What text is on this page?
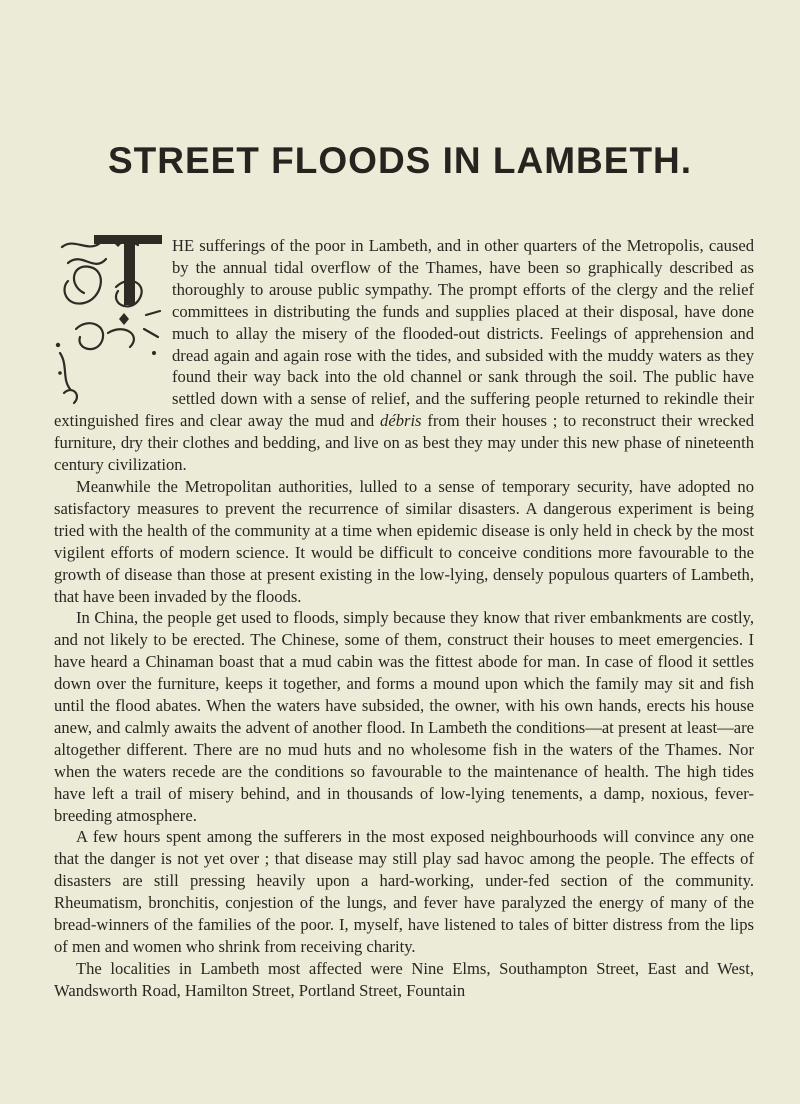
STREET FLOODS IN LAMBETH.
T

HE sufferings of the poor in Lambeth, and in other quarters of the Metropolis, caused by the annual tidal overflow of the Thames, have been so graphically described as thoroughly to arouse public sympathy. The prompt efforts of the clergy and the relief committees in distributing the funds and supplies placed at their disposal, have done much to allay the misery of the flooded-out districts. Feelings of apprehension and dread again and again rose with the tides, and subsided with the muddy waters as they found their way back into the old channel or sank through the soil. The public have settled down with a sense of relief, and the suffering people returned to rekindle their extinguished fires and clear away the mud and débris from their houses ; to reconstruct their wrecked furniture, dry their clothes and bedding, and live on as best they may under this new phase of nineteenth century civilization.

Meanwhile the Metropolitan authorities, lulled to a sense of temporary security, have adopted no satisfactory measures to prevent the recurrence of similar disasters. A dangerous experiment is being tried with the health of the community at a time when epidemic disease is only held in check by the most vigilent efforts of modern science. It would be difficult to conceive conditions more favourable to the growth of disease than those at present existing in the low-lying, densely populous quarters of Lambeth, that have been invaded by the floods.

In China, the people get used to floods, simply because they know that river embankments are costly, and not likely to be erected. The Chinese, some of them, construct their houses to meet emergencies. I have heard a Chinaman boast that a mud cabin was the fittest abode for man. In case of flood it settles down over the furniture, keeps it together, and forms a mound upon which the family may sit and fish until the flood abates. When the waters have subsided, the owner, with his own hands, erects his house anew, and calmly awaits the advent of another flood. In Lambeth the conditions—at present at least—are altogether different. There are no mud huts and no wholesome fish in the waters of the Thames. Nor when the waters recede are the conditions so favourable to the maintenance of health. The high tides have left a trail of misery behind, and in thousands of low-lying tenements, a damp, noxious, fever-breeding atmosphere.

A few hours spent among the sufferers in the most exposed neighbourhoods will convince any one that the danger is not yet over ; that disease may still play sad havoc among the people. The effects of disasters are still pressing heavily upon a hard-working, under-fed section of the community. Rheumatism, bronchitis, conjestion of the lungs, and fever have paralyzed the energy of many of the bread-winners of the families of the poor. I, myself, have listened to tales of bitter distress from the lips of men and women who shrink from receiving charity.

The localities in Lambeth most affected were Nine Elms, Southampton Street, East and West, Wandsworth Road, Hamilton Street, Portland Street, Fountain
